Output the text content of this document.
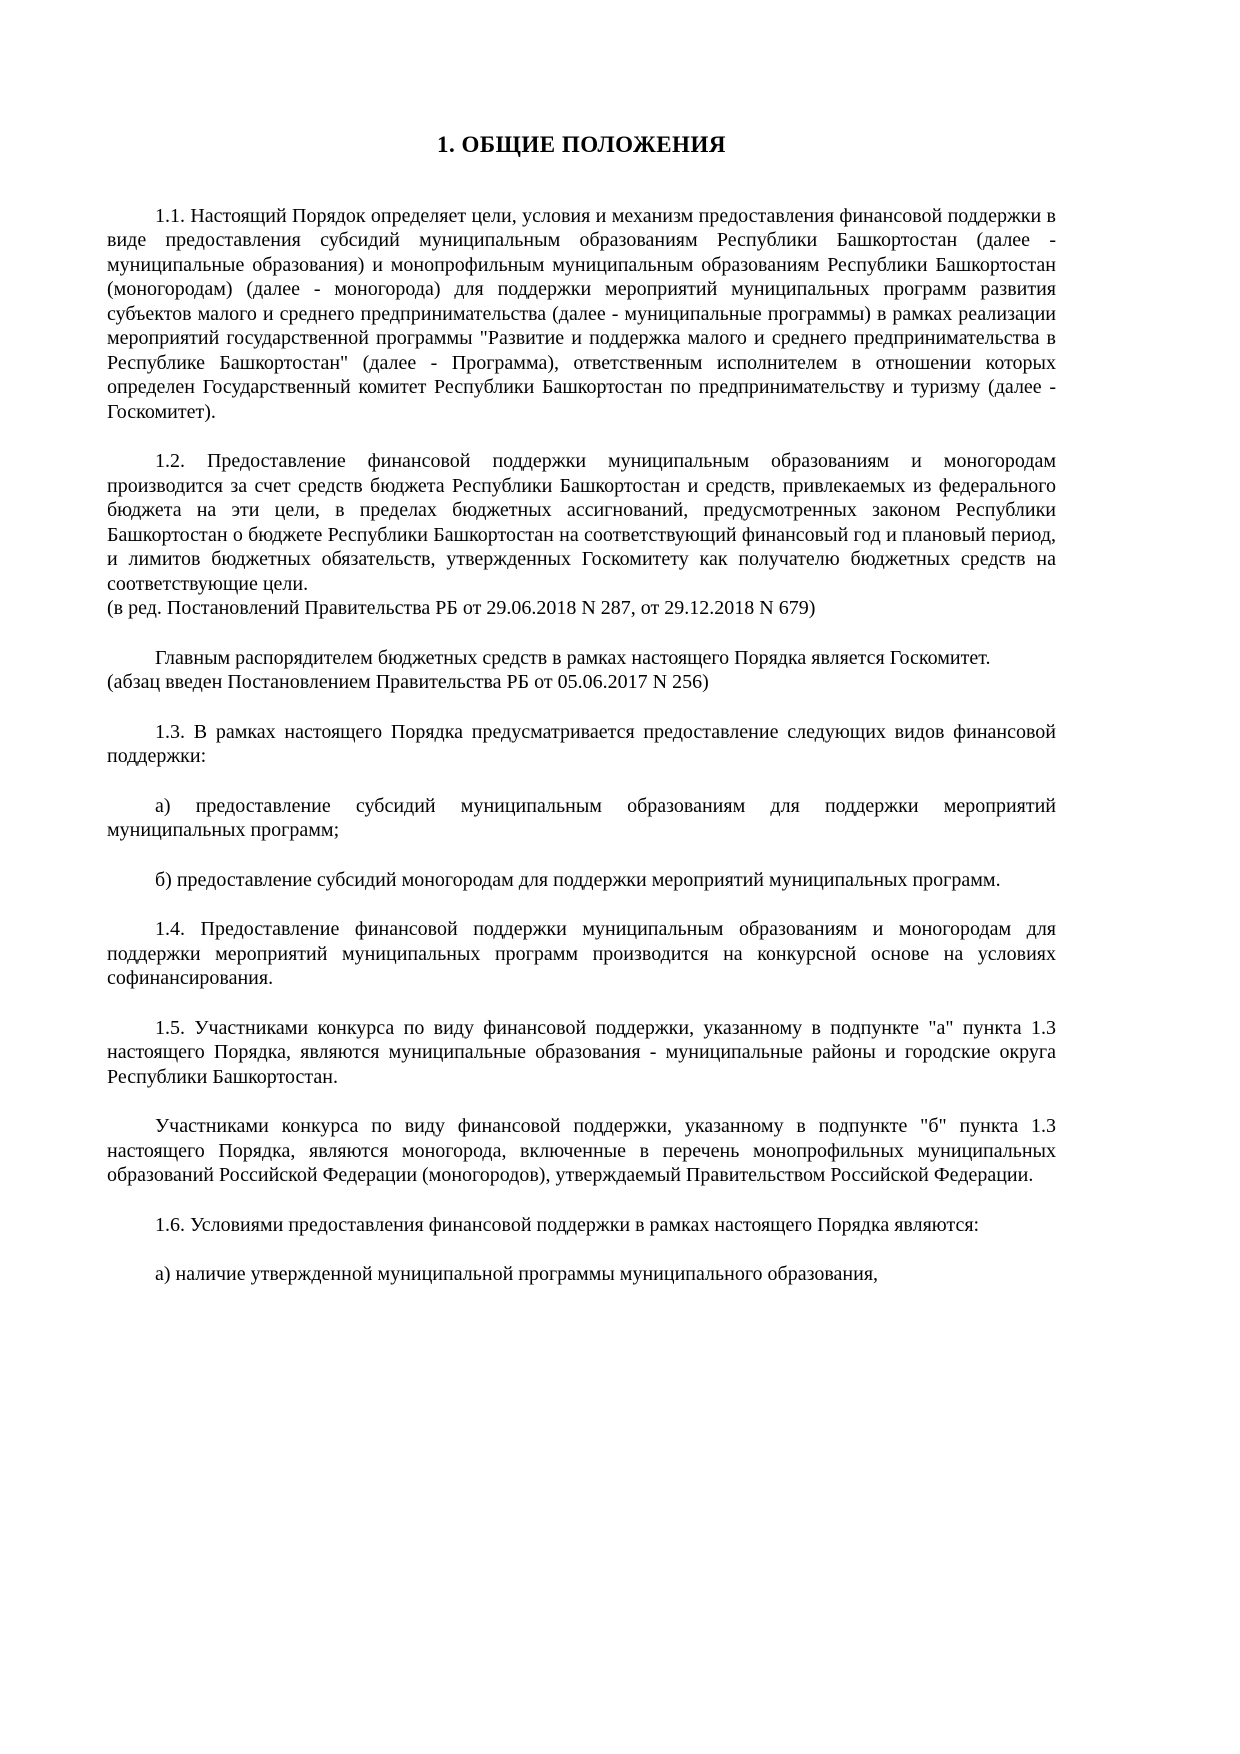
1. ОБЩИЕ ПОЛОЖЕНИЯ

1.1. Настоящий Порядок определяет цели, условия и механизм предоставления финансовой поддержки в виде предоставления субсидий муниципальным образованиям Республики Башкортостан (далее - муниципальные образования) и монопрофильным муниципальным образованиям Республики Башкортостан (моногородам) (далее - моногорода) для поддержки мероприятий муниципальных программ развития субъектов малого и среднего предпринимательства (далее - муниципальные программы) в рамках реализации мероприятий государственной программы "Развитие и поддержка малого и среднего предпринимательства в Республике Башкортостан" (далее - Программа), ответственным исполнителем в отношении которых определен Государственный комитет Республики Башкортостан по предпринимательству и туризму (далее - Госкомитет).

1.2. Предоставление финансовой поддержки муниципальным образованиям и моногородам производится за счет средств бюджета Республики Башкортостан и средств, привлекаемых из федерального бюджета на эти цели, в пределах бюджетных ассигнований, предусмотренных законом Республики Башкортостан о бюджете Республики Башкортостан на соответствующий финансовый год и плановый период, и лимитов бюджетных обязательств, утвержденных Госкомитету как получателю бюджетных средств на соответствующие цели.

(в ред. Постановлений Правительства РБ от 29.06.2018 N 287, от 29.12.2018 N 679)

Главным распорядителем бюджетных средств в рамках настоящего Порядка является Госкомитет.

(абзац введен Постановлением Правительства РБ от 05.06.2017 N 256)

1.3. В рамках настоящего Порядка предусматривается предоставление следующих видов финансовой поддержки:

а) предоставление субсидий муниципальным образованиям для поддержки мероприятий муниципальных программ;

б) предоставление субсидий моногородам для поддержки мероприятий муниципальных программ.

1.4. Предоставление финансовой поддержки муниципальным образованиям и моногородам для поддержки мероприятий муниципальных программ производится на конкурсной основе на условиях софинансирования.

1.5. Участниками конкурса по виду финансовой поддержки, указанному в подпункте "а" пункта 1.3 настоящего Порядка, являются муниципальные образования - муниципальные районы и городские округа Республики Башкортостан.

Участниками конкурса по виду финансовой поддержки, указанному в подпункте "б" пункта 1.3 настоящего Порядка, являются моногорода, включенные в перечень монопрофильных муниципальных образований Российской Федерации (моногородов), утверждаемый Правительством Российской Федерации.

1.6. Условиями предоставления финансовой поддержки в рамках настоящего Порядка являются:

а) наличие утвержденной муниципальной программы муниципального образования,
